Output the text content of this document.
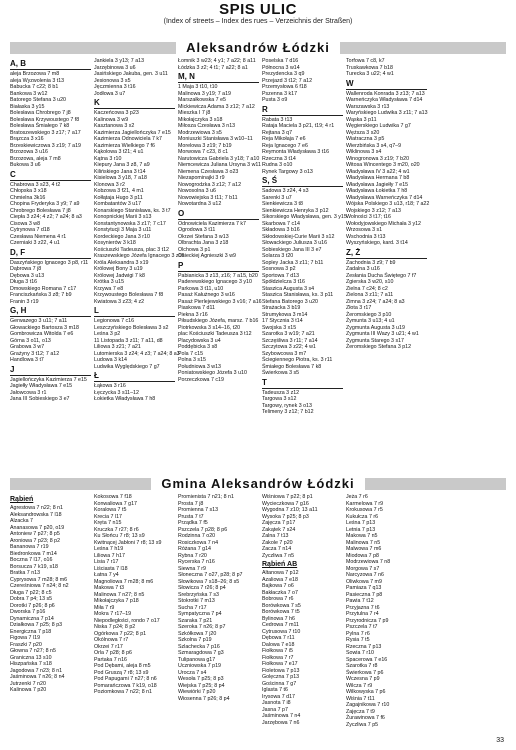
SPIS ULIC
(Index of streets – Index des rues – Verzeichnis der Straßen)
Aleksandrów Łódzki
A, B
aleja Brzozowa 7 m8
aleja Wyzwolenia 3 t13
Babucka 7 c22; 8 b1
Bankowa 3 w12
Batorego Stefana 3 u20
Białaska 3 y15
Bolesława Chrobrego 7 j8
Bolesława Krzywoustego 7 f8
Bolesława Śmiałego 7 k8
Bratoszewskiego 3 z17; 7 a17
Brązcza 3 x16
Brzeskiewiczowa 3 z19; 7 a19
Brzozowa 3 u16
Brzozowa, aleja 7 m8
Bukowa 3 u6
C
Chabrowa 3 s23, 4 t2
Chłopska 3 x18
Chmielna 3k16
Chopina Fryderyka 3 y9; 7 a9
Chrobrego Bolesława 7 j8
Ciepła 3 z24; 4 z2; 7 a24; 8 a3
Cisowa 3 w8
Cytrynowa 7 d18
Czesława Niemena 4 r1
Czerniaki 3 z22, 4 u1
D, F
Daszyńskiego Ignacego 3 p8, r11
Dąbrowa 7 j8
Dębowa 3 u13
Długa 3 t16
Dmowskiego Romana 7 c17
Franciszkańska 3 z8; 7 b9
Franin 3 r19
G, H
Gerwazego 3 u11; 7 a11
Głowackiego Bartosza 3 m18
Gombrowicza Witolda 7 e6
Górna 3 o11, o13
Grabowa 3 w7
Grażyny 3 t12; 7 a12
Handlowa 3 t7
J
Jagiellończyka Kazimierza 7 e15
Jagiełły Władysława 7 e15
Jałowcowa 3 r1
Jana III Sobieskiego 3 e7
Jankiela 3 y13; 7 a13
Jarzębinowa 3 u6
Jasińskiego Jakuba, gen. 3 u11
Jesionowa 3 s5
Jęczmienna 3 t16
Jodłowa 3 u7
K
Kaczeńcowa 3 p23
Kalinowa 3 w9
Kasztanowa 3 x2
Kazimierza Jagiellończyka 7 e15
Kazimierza Odnowiciela 7 k7
Kazimierza Wielkiego 7 f6
Kąkolowa 3 t21; 4 u1
Kątna 3 r10
Kiepury Jana 3 z8, 7 a9
Kilińskiego Jana 3 t14
Kisielowa 3 y18, 7 a18
Klonowa 3 r2
Kobzowa 3 f21, 4 m1
Kołłątaja Hugo 3 p11
Kombatantów 3 u17
Konarskiego Stanisława, ks. 3 t7
Konopnickiej Marii 3 s13
Konstantynowska 3 z17; 7 c17
Konstytucji 3 Maja 3 u11
Kordeckiego Jana 3 r10
Kosynierów 3 k18
Kościuszki Tadeusza, plac 3 t12
Kraszewskiego Józefa Ignacego 3 z16
Króla Aleksandra 3 x19
Królowej Bony 3 u19
Królowej Jadwigi 7 k8
Krótka 3 u15
Krzywa 7 e8
Krzywoustego Bolesława 7 f8
Kwiatowa 3 z23; 4 z2
L
Legionowa 7 c16
Leszczyńskiego Bolesława 3 s2
Leśna 3 p2
11 Listopada 3 z11; 7 a11, d8
Liliowa 3 z21; 7 a21
Lutomierska 3 z24; 4 z3; 7 a24; 8 a3
Ludowa 3 k14
Ludwika Wyględskiego 7 g7
Ł
Łąkowa 3 r16
Łęczycka 3 s11–12
Łokietka Władysława 7 h8
Łomnik 3 w23; 4 y1; 7 a22; 8 a11
Łódzka 3 z2; 4 t1; 7 a22; 8 a1
M, N
1 Maja 3 t10, t10
Malinowa 3 y19; 7 a19
Marszałkowska 7 e5
Mickiewicza Adama 3 z12; 7 a12
Mieszka I 7 j8
Mikołajczyka 3 s18
Miłosza Czesława 3 n13
Modrzewiowa 3 s5
Moniuszki Stanisława 3 w10–11
Morelowa 3 z19; 7 b19
Morwowa 7 c23, 8 c1
Narutowicza Gabriela 3 y18; 7 a10
Niemcewicza Juliana Ursyna 3 w11
Niemena Czesława 3 o23
Niezapominajki 3 r9
Nowogrodzka 3 z12; 7 a12
Nowosolna 3 u6
Nowowiejska 3 t11; 7 b11
Nowotardna 3 u12
O
Odnowiciela Kazimierza 7 k7
Ogrodowa 3 t11
Okrzei Stefana 3 w13
Olbrachta Jana 3 z18
Olchowa 3 p1
Osieckiej Agnieszki 3 w9
P
Pabianicka 3 z13, z16; 7 a15, b20
Paderewskiego Ignacego 3 y10
Parkowa 3 t11, u10
Pasaż Kałużnego 3 w16
Pasaż Pierlejewskiego 3 v16; 7 a16
Piaskowa 7 d11
Piekna 3 r16
Piłsudskiego Józefa, marsz. 7 b16
Piotrkowska 3 s14–16, t20
plac Kościuszki Tadeusza 3 t12
Placydowska 3 u4
Poddębicka 3 s8
Pola 7 c15
Polna 3 s15
Południowa 3 w13
Poniatowskiego Józefa 3 u10
Porzeczkowa 7 c19
Poselska 7 d16
Północna 3 w14
Prezydencka 3 q9
Przejazd 3 t12; 7 a12
Przemysłowa 6 f18
Pszenna 3 k17
Pusta 3 o9
R
Rabata 3 t13
Rataja Maciela 3 p21, t19; 4 r1
Rejtana 3 q7
Reja Mikołaja 7 e6
Reja Ignacego 7 e6
Reymonta Władysława 3 t16
Rzeczna 3 t14
Rudna 3 o10
Rynek Targowy 3 o13
S, Ś
Sadowa 3 z24, 4 s3
Sarenki 3 u7
Sienkiewicza 3 t8
Sienkiewicza Henryka 3 p12
Sikorskiego Władysława, gen. 3 y15
Skarbowa 7 c14
Składowa 3 b16
Skłodowskiej-Curie Marii 3 s12
Słowackiego Juliusza 3 u16
Sobieskiego Jana III 3 e7
Solarza 3 t20
Sopley Jacka 3 z11; 7 b11
Sosnowa 3 p2
Sportowa 7 d13
Spółdzielcza 3 t16
Staszica Augusta 3 s4
Staszica Stanisława, ks. 3 p11
Stefana Batorego 3 u20
Strażacka 3 b19
Strumykowa 3 m14
17 Stycznia 3 t14
Swojska 3 x15
Szarotka 3 w19; 7 a21
Szczęśliwa 3 r11; 7 a14
Szczytowa 3 z22; 4 w1
Szybowcowa 3 m7
Ściegiennego Piotra, ks. 3 r11
Śmiałego Bolesława 7 k8
Świerkowa 3 s5
T
Tadeusza 3 z12
Targowa 3 s12
Targowy, rynek 3 o13
Telimeny 3 z12; 7 b12
Torfowa 7 c8, k7
Truskawkowa 7 b18
Turecka 3 u22; 4 w1
W
Wallenroda Konrada 3 z13; 7 a13
Warneńczyka Władysława 7 d14
Warszawska 3 r13
Waryńskiego Ludwika 3 z11; 7 a13
Wąska 3 p11
Węgierskiego Ludwika 7 g7
Węższa 3 s20
Wiatraczna 3 p5
Wierzbińska 3 s4, q7–9
Wiklinowa 3 s4
Winogronowa 3 z19; 7 b20
Witosa Wincentego 3 m20, o20
Władysława IV 3 a22; 4 w1
Władysława Hermana 7 b8
Władysława Jagiełły 7 e15
Władysława Łokietka 7 h8
Władysława Warneńczyka 7 d14
Wójska Polskiego 3 u13, r18; 7 a22
Wojskiego 3 z12; 7 a13
Wolności 3 t17; t16
Wołodyjowskiego Michała 3 y12
Wrzosowa 3 s1
Wschodnia 3 t13
Wyszyńskiego, kard. 3 t14
Z, Ż
Zachodnia 3 z9; 7 b9
Zadalna 3 u16
Zesłania Ducha Świętego 7 f7
Zgierska 3 w20, s10
Zielna 7 c24; 8 c2
Zielona 3 z11; 7 a11
Zimna 3 z24; 7 a24; 8 a3
Złota 3 r17
Żeromskiego 3 p10
Żymunta 3 u13; 4 u1
Zygmunta Augusta 3 u19
Zygmunta III Wazy 3 u21; 4 w1
Zygmunta Starego 3 s17
Żeromskiego Stefana 3 p12
Gmina Aleksandrów Łódzki
Rąbień
Agrestowa 7 n22; 8 n1
Aleksandrowska 7 l18
Alzacka 7
Ananasowa 7 p20, o19
Antoniew 7 p27; 8 p5
Aroniowa 7 p23; 8 p2
Bananowa 7 r19
Biedronkowa 7 m14
Boczna 7 l17, o16
Borsucza 7 k19, s18
Bratka 7 n13
Cyprysowa 7 m28; 8 m6
Czereśniowa 7 n24; 8 n2
Długa 7 p22; 8 c5
Dobra 7 p4; 13 s5
Dorotki 7 p26; 8 p6
Dworska 7 p16
Dynamiczna 7 p14
Działkowa 7 p25; 8 p3
Energiczna 7 p18
Figowa 7 l19
Fraszki 7 p20
Głowna 7 n27; 8 n5
Graniczna 13 s10
Hiszpańska 7 s18
Jagodowa 7 n23; 8 n1
Jaśminowa 7 n26; 8 n4
Jutrzenki 7 n20
Kalinowa 7 p20
Kokosowa 7 f18
Konwaliowa 7 g17
Koralowa 7 t5
Krecia 7 l17
Kręta 7 n15
Kruczka 7 r27; 8 r6
Ku Słońcu 7 r8; 13 s9
Kwitnącej Jabłoni 7 r8; 13 s9
Leśna 7 h19
Liliowa 7 h17
Lisia 7 r17
Liściasta 7 l18
Łatna 7 y4
Magnoliowa 7 m28; 8 m6
Makowa 7 t3
Malinowa 7 n27; 8 n5
Mikołajczyka 7 p18
Miła 7 r9
Mokra 7 r17–19
Niepodległości, rondo 7 o17
Niska 7 p24; 8 p2
Ogórkowa 7 p22; 8 p1
Okólnowa 7 r7
Okrzei 7 r17
Orla 7 p28; 8 p6
Partaka 7 n16
Pod Dębami, aleja 8 m5
Pod Gruszą 7 r8; 13 s9
Pod Papugami 7 n27; 8 n6
Pomarańczowa 7 k19, o18
Poziomkowa 7 n22; 8 n1
Promienista 7 n21; 8 n1
Prosta 7 j8
Promienna 7 s13
Prusta 7 t7
Prządka 7 f5
Pszczela 7 p28; 8 p6
Rodzinna 7 o20
Rosiczkowa 7 n4
Różana 7 g14
Rybna 7 r20
Rycerska 7 n16
Siewna 7 r9
Słoneczna 7 o27, p28; 8 p7
Słowikowa 7 s18–26; 8 s5
Słowicza 7 r26; 8 p4
Srebrzyńska 7 s3
Stokrotki 7 m13
Sucha 7 r17
Sympatyczna 7 p4
Szaraka 7 p21
Szeroka 7 n26; 8 p7
Szkółkowa 7 j20
Szkolna 7 p19
Szlachecka 7 p16
Szmaragdowa 7 g3
Tulipanowa g17
Uczniowska 7 p19
Urocza 7 s4
Wesoła 7 p25; 8 p3
Wiejska 7 p25; 8 p4
Wiewiórki 7 p20
Wiosenna 7 p26; 8 p4
Wiśniowa 7 p22; 8 p1
Wycieczkowa 7 g16
Wygodna 7 z10; 13 a11
Wysoka 7 p25; 8 p3
Zajęcza 7 p17
Zakątek 7 s24
Zalna 7 t13
Zakole 7 p20
Zacza 7 n14
Zyczliwa 7 n5
Rąbień AB
Altanowa 7 p12
Azaliowa 7 e18
Bajkowa 7 o6
Bakłaczka 7 o7
Bobrowa 7 r6
Borówkowa 7 s5
Borówkowa 7 t5
Bylinowa 7 h6
Cedrowa 7 m11
Cytrusowa 7 t10
Dębowa 7 r11
Dalowa 7 e18
Fiołkowa 7 i5
Fiołkowa 7 r7
Fiołkowa 7 e17
Fioletowa 7 p13
Golęczna 7 p13
Gościnna 7 g7
Iglasta 7 t6
Irysowa 7 d17
Jasnota 7 i8
Jasna 7 p7
Jaśminowa 7 n4
Jarzębowa 7 n6
Jeża 7 r6
Karmelowa 7 r9
Krokusowa 7 r5
Kukułcza 7 r6
Leśna 7 p13
Letnia 7 p13
Makowa 7 n5
Malinowa 7 n5
Malwowa 7 m6
Miodowa 7 p8
Modrzewiowa 7 n8
Morgowa 7 s7
Narcyzowa 7 n6
Oliwkowa 7 m9
Pamiaza 7 q13
Pasieczna 7 p8
Pawia 7 t12
Przyjazna 7 t6
Przytulna 7 r4
Przyrodnicza 7 p9
Pszczela 7 t7
Pylna 7 r6
Rysia 7 t5
Rzeczna 7 p13
Sowia 7 r10
Spacerowa 7 e16
Szarotka 7 r8
Świerkowa 7 p6
Wczesna 7 p9
Wilcza 7 r9
Wilkowyska 7 p6
Wiśnia 7 t11
Zagajnikowa 7 r10
Zajęcza 7 t9
Żurawinowa 7 f6
Zyczliwa 7 p5
33
